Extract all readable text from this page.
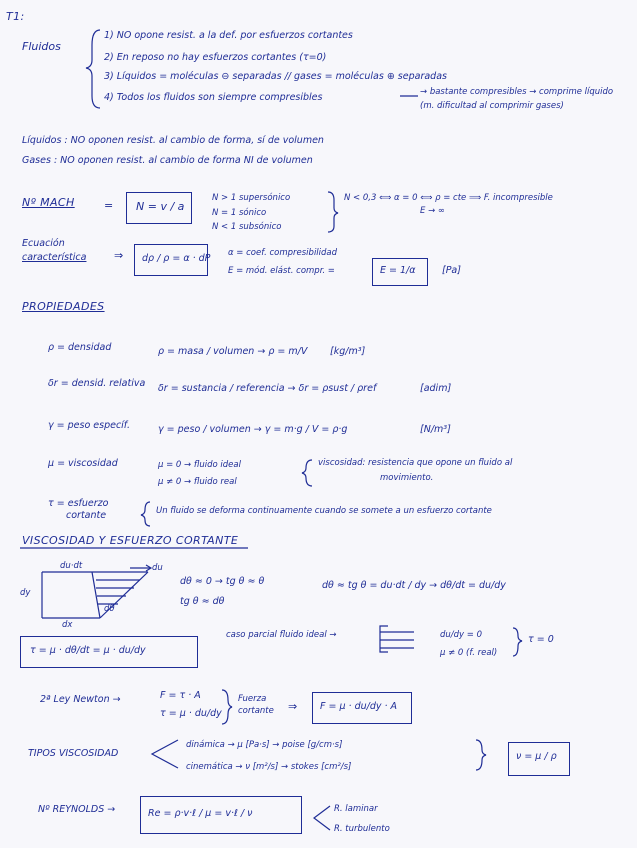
T1:
Fluidos
1) NO opone resist. a la def. por esfuerzos cortantes
2) En reposo no hay esfuerzos cortantes (τ=0)
3) Líquidos = moléculas ⊖ separadas // gases = moléculas ⊕ separadas
4) Todos los fluidos son siempre compresibles	→ bastante compresibles → comprime líquido
(m. dificultad al comprimir gases)
Líquidos : NO oponen resist. al cambio de forma, sí de volumen
Gases : NO oponen resist. al cambio de forma NI de volumen
Nº MACH	= N = v / a
N > 1 supersónico
N = 1 sónico
N < 1 subsónico
N < 0,3 ⟺ α = 0 ⟺ ρ = cte ⟹ F. incompresible
E → ∞
Ecuación
característica	⇒ dρ / ρ = α · dP α = coef. compresibilidad
E = mód. elást. compr. =	E = 1/α	[Pa]
PROPIEDADES
ρ = densidad	ρ = masa / volumen → ρ = m/V [kg/m³]
δr = densid. relativa δr = sustancia / referencia → δr = ρsust / ρref	[adim]
γ = peso específ.	γ = peso / volumen → γ = m·g / V = ρ·g	[N/m³]
μ = viscosidad	μ = 0 → fluido ideal
μ ≠ 0 → fluido real
viscosidad: resistencia que opone un fluido al
movimiento.
τ = esfuerzo
cortante	Un fluido se deforma continuamente cuando se somete a un esfuerzo cortante
VISCOSIDAD Y ESFUERZO CORTANTE
du·dt	du
dy
dx
dθ
dθ ≈ 0 → tg θ ≈ θ
tg θ ≈ dθ
dθ ≈ tg θ = du·dt / dy → dθ/dt = du/dy
τ = μ · dθ/dt = μ · du/dy
caso parcial fluido ideal →	du/dy = 0
μ ≠ 0 (f. real)
τ = 0
2ª Ley Newton →	F = τ · A
τ = μ · du/dy
Fuerza
cortante ⇒ F = μ · du/dy · A
TIPOS VISCOSIDAD
dinámica → μ [Pa·s] → poise [g/cm·s]
cinemática → ν [m²/s] → stokes [cm²/s]
ν = μ / ρ
Nº REYNOLDS →	Re = ρ·v·ℓ / μ = v·ℓ / ν	R. laminar
R. turbulento
